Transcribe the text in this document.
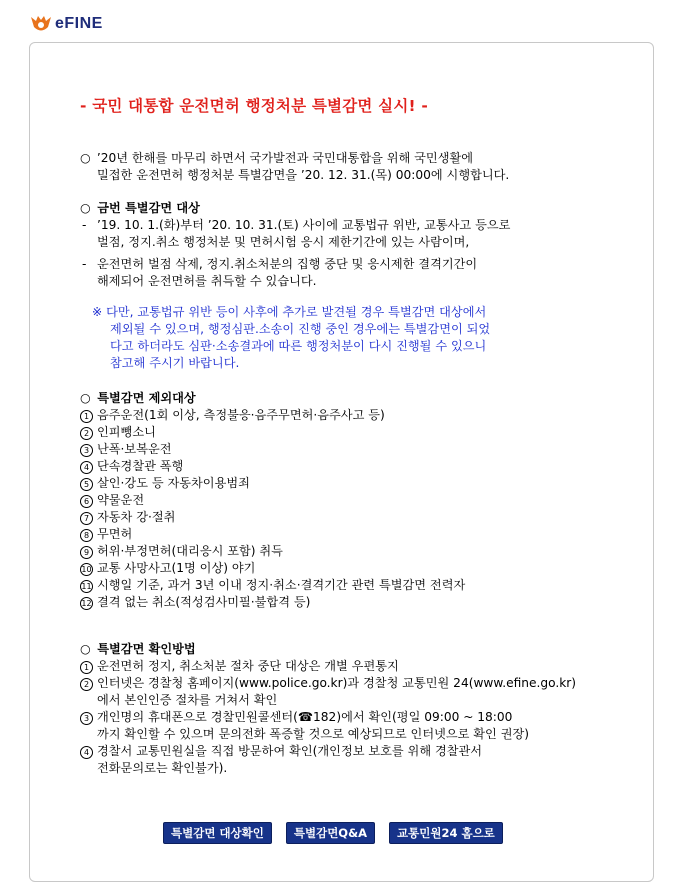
eFINE
- 국민 대통합 운전면허 행정처분 특별감면 실시! -
○ ’20년 한해를 마무리 하면서 국가발전과 국민대통합을 위해 국민생활에
밀접한 운전면허 행정처분 특별감면을 ’20. 12. 31.(목) 00:00에 시행합니다.
○ 금번 특별감면 대상
- ’19. 10. 1.(화)부터 ’20. 10. 31.(토) 사이에 교통법규 위반, 교통사고 등으로
벌점, 정지.취소 행정처분 및 면허시험 응시 제한기간에 있는 사람이며,
- 운전면허 벌점 삭제, 정지.취소처분의 집행 중단 및 응시제한 결격기간이
해제되어 운전면허를 취득할 수 있습니다.
※ 다만, 교통법규 위반 등이 사후에 추가로 발견될 경우 특별감면 대상에서
제외될 수 있으며, 행정심판.소송이 진행 중인 경우에는 특별감면이 되었
다고 하더라도 심판·소송결과에 따른 행정처분이 다시 진행될 수 있으니
참고해 주시기 바랍니다.
○ 특별감면 제외대상
1 음주운전(1회 이상, 측정불응·음주무면허·음주사고 등)
2 인피뺑소니
3 난폭·보복운전
4 단속경찰관 폭행
5 살인·강도 등 자동차이용범죄
6 약물운전
7 자동차 강·절취
8 무면허
9 허위·부정면허(대리응시 포함) 취득
10 교통 사망사고(1명 이상) 야기
11 시행일 기준, 과거 3년 이내 정지·취소·결격기간 관련 특별감면 전력자
12 결격 없는 취소(적성검사미필·불합격 등)
○ 특별감면 확인방법
1 운전면허 정지, 취소처분 절차 중단 대상은 개별 우편통지
2 인터넷은 경찰청 홈페이지(www.police.go.kr)과 경찰청 교통민원 24(www.efine.go.kr)
에서 본인인증 절차를 거쳐서 확인
3 개인명의 휴대폰으로 경찰민원콜센터(☎182)에서 확인(평일 09:00 ~ 18:00
까지 확인할 수 있으며 문의전화 폭증할 것으로 예상되므로 인터넷으로 확인 권장)
4 경찰서 교통민원실을 직접 방문하여 확인(개인정보 보호를 위해 경찰관서
전화문의로는 확인불가).
특별감면 대상확인	특별감면Q&A	교통민원24 홈으로
